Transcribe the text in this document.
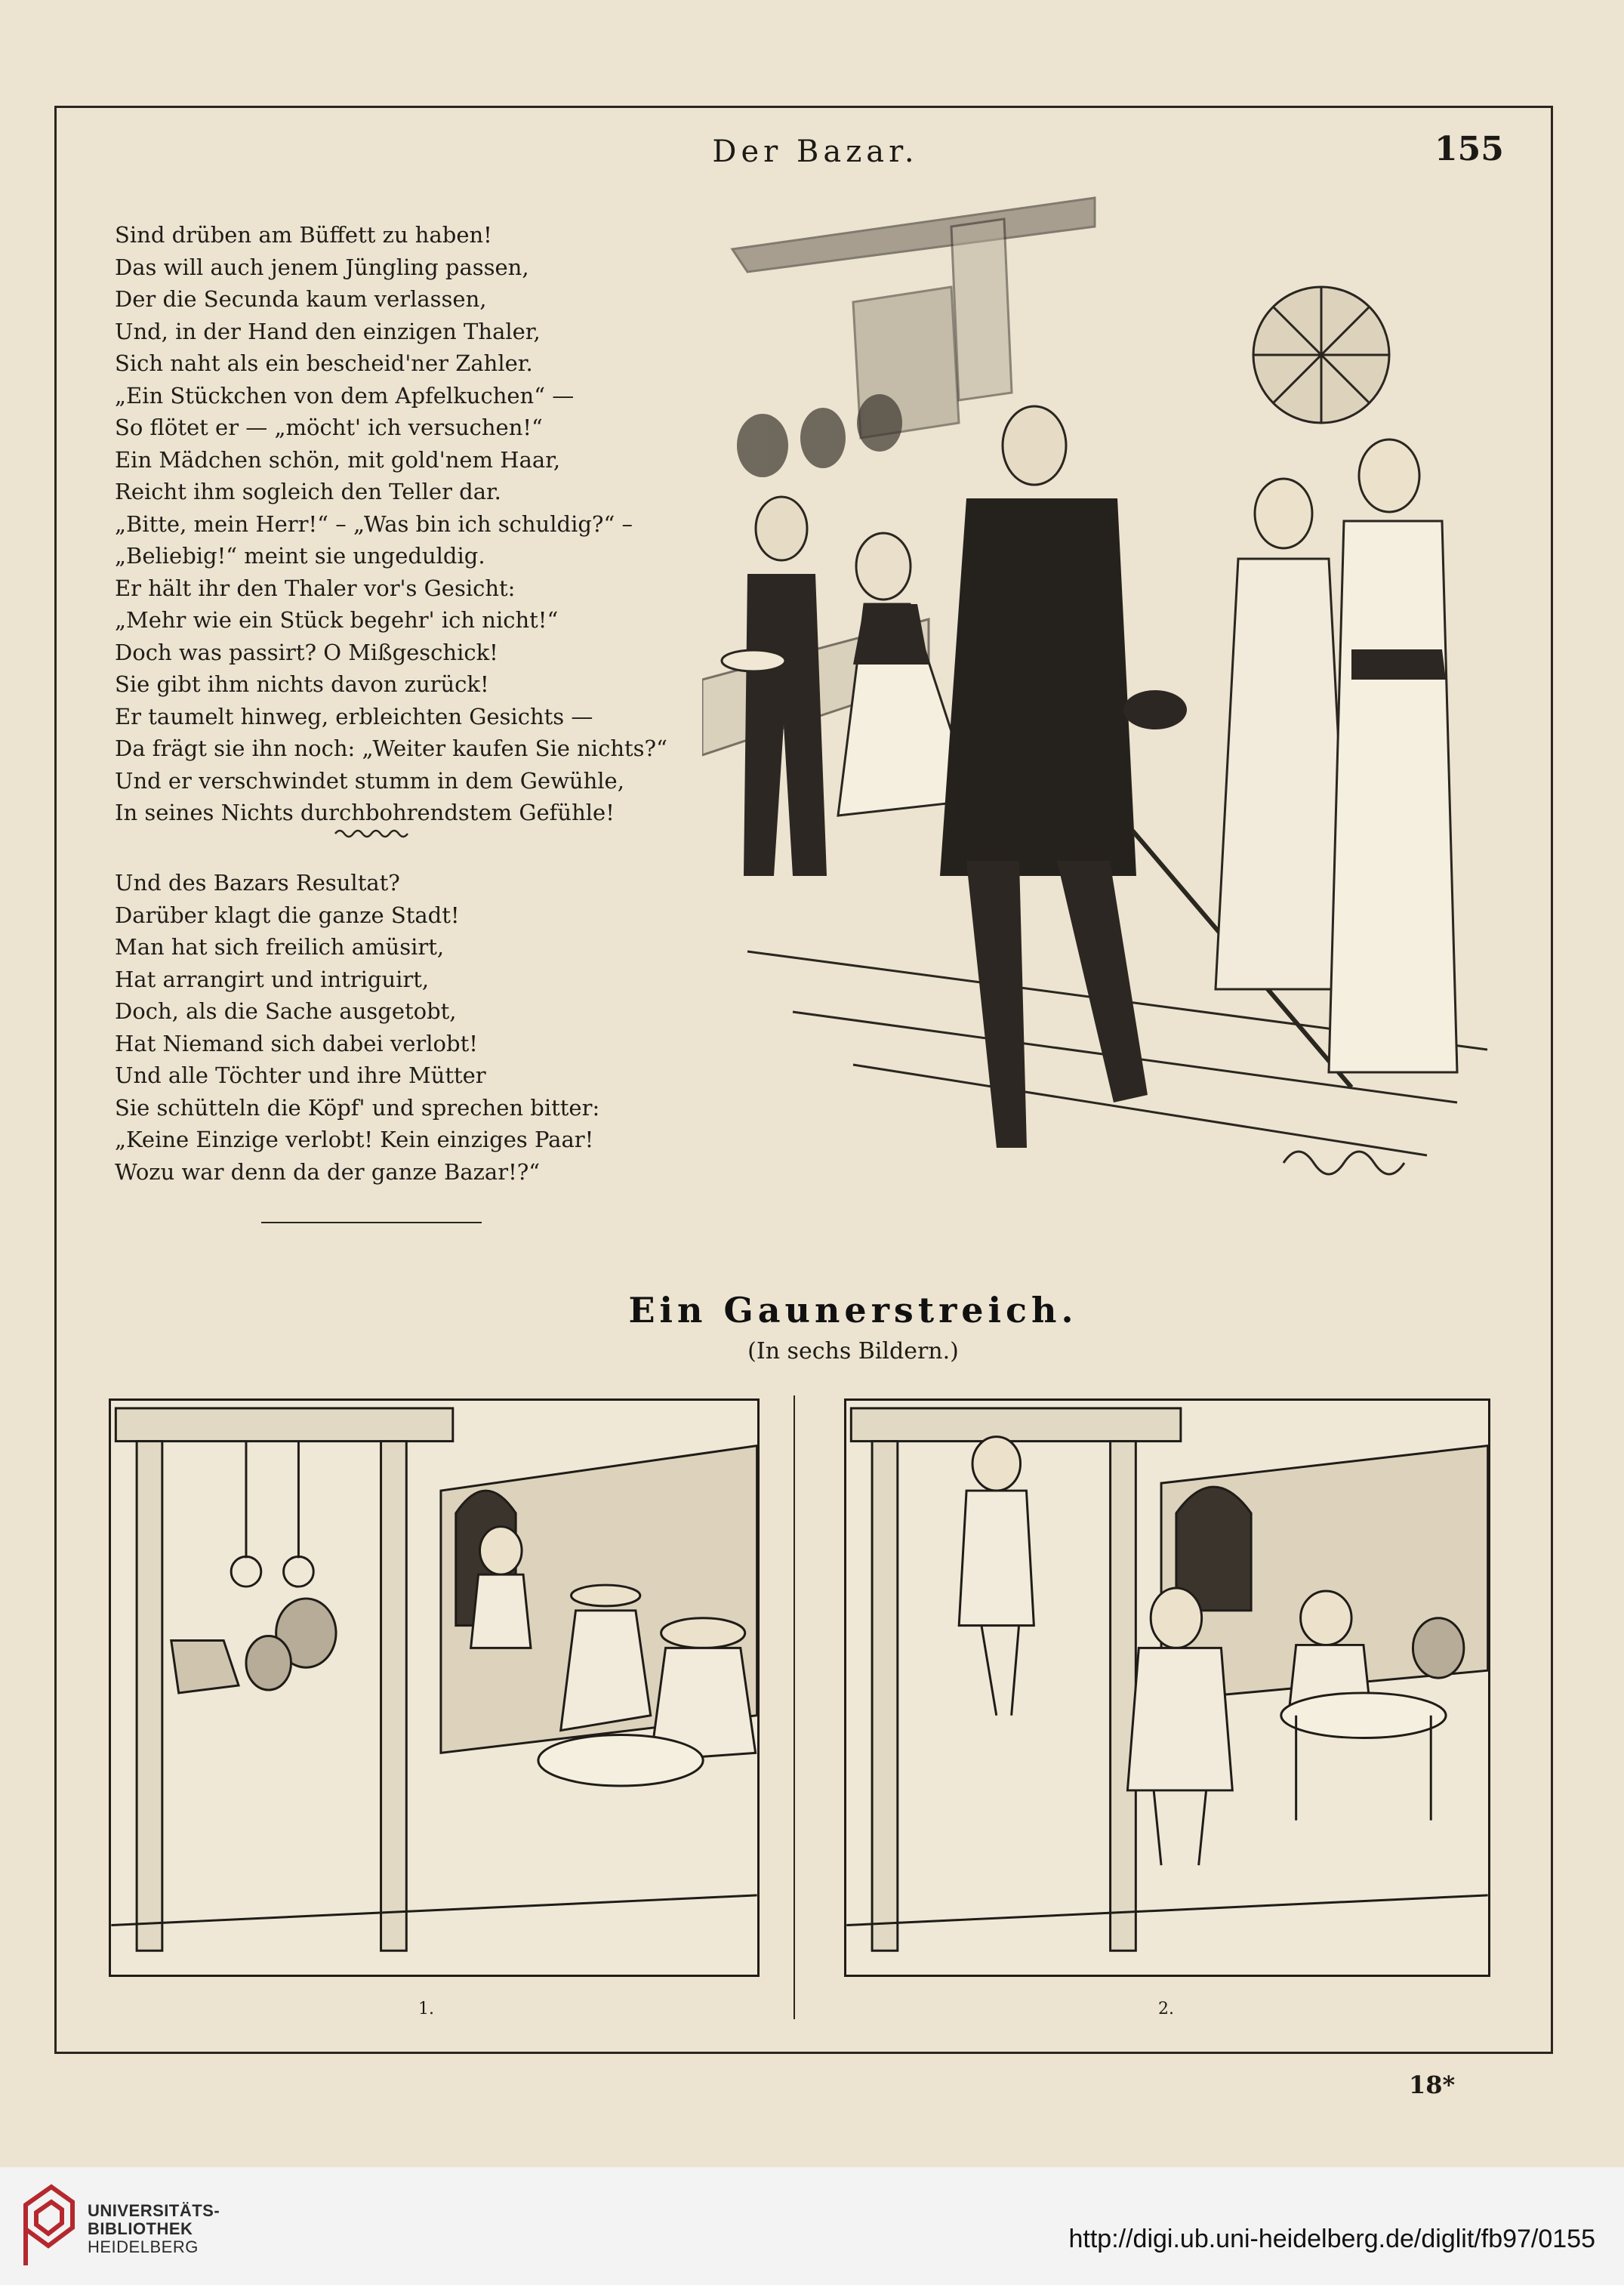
Der Bazar.	155
Sind drüben am Büffett zu haben!
Das will auch jenem Jüngling passen,
Der die Secunda kaum verlassen,
Und, in der Hand den einzigen Thaler,
Sich naht als ein bescheid'ner Zahler.
„Ein Stückchen von dem Apfelkuchen“ —
So flötet er — „möcht' ich versuchen!“
Ein Mädchen schön, mit gold'nem Haar,
Reicht ihm sogleich den Teller dar.
„Bitte, mein Herr!“ – „Was bin ich schuldig?“ –
„Beliebig!“ meint sie ungeduldig.
Er hält ihr den Thaler vor's Gesicht:
„Mehr wie ein Stück begehr' ich nicht!“
Doch was passirt? O Mißgeschick!
Sie gibt ihm nichts davon zurück!
Er taumelt hinweg, erbleichten Gesichts —
Da frägt sie ihn noch: „Weiter kaufen Sie nichts?“
Und er verschwindet stumm in dem Gewühle,
In seines Nichts durchbohrendstem Gefühle!
Und des Bazars Resultat?
Darüber klagt die ganze Stadt!
Man hat sich freilich amüsirt,
Hat arrangirt und intriguirt,
Doch, als die Sache ausgetobt,
Hat Niemand sich dabei verlobt!
Und alle Töchter und ihre Mütter
Sie schütteln die Köpf' und sprechen bitter:
„Keine Einzige verlobt! Kein einziges Paar!
Wozu war denn da der ganze Bazar!?“
Ein Gaunerstreich.
(In sechs Bildern.)
1.	2.
18*
UNIVERSITÄTS-
BIBLIOTHEK
HEIDELBERG	http://digi.ub.uni-heidelberg.de/diglit/fb97/0155
